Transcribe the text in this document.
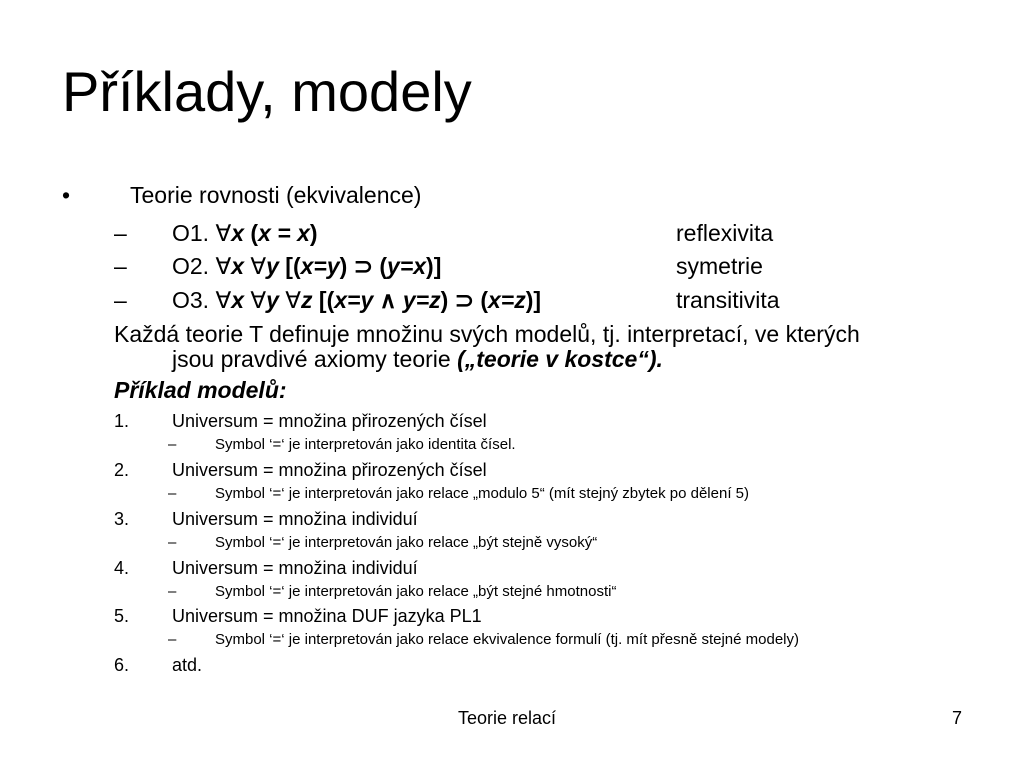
Příklady, modely
•	Teorie rovnosti (ekvivalence)
– O1. ∀x (x = x)	reflexivita
– O2. ∀x ∀y [(x=y) ⊃ (y=x)]	symetrie
– O3. ∀x ∀y ∀z [(x=y ∧ y=z) ⊃ (x=z)]	transitivita
Každá teorie T definuje množinu svých modelů, tj. interpretací, ve kterých
jsou pravdivé axiomy teorie („teorie v kostce“).
Příklad modelů:
1. Universum = množina přirozených čísel
–	Symbol ‘=‘ je interpretován jako identita čísel.
2. Universum = množina přirozených čísel
–	Symbol ‘=‘ je interpretován jako relace „modulo 5“ (mít stejný zbytek po dělení 5)
3. Universum = množina individuí
–	Symbol ‘=‘ je interpretován jako relace „být stejně vysoký“
4. Universum = množina individuí
–	Symbol ‘=‘ je interpretován jako relace „být stejné hmotnosti“
5. Universum = množina DUF jazyka PL1
–	Symbol ‘=‘ je interpretován jako relace ekvivalence formulí (tj. mít přesně stejné modely)
6. atd.
Teorie relací	7
